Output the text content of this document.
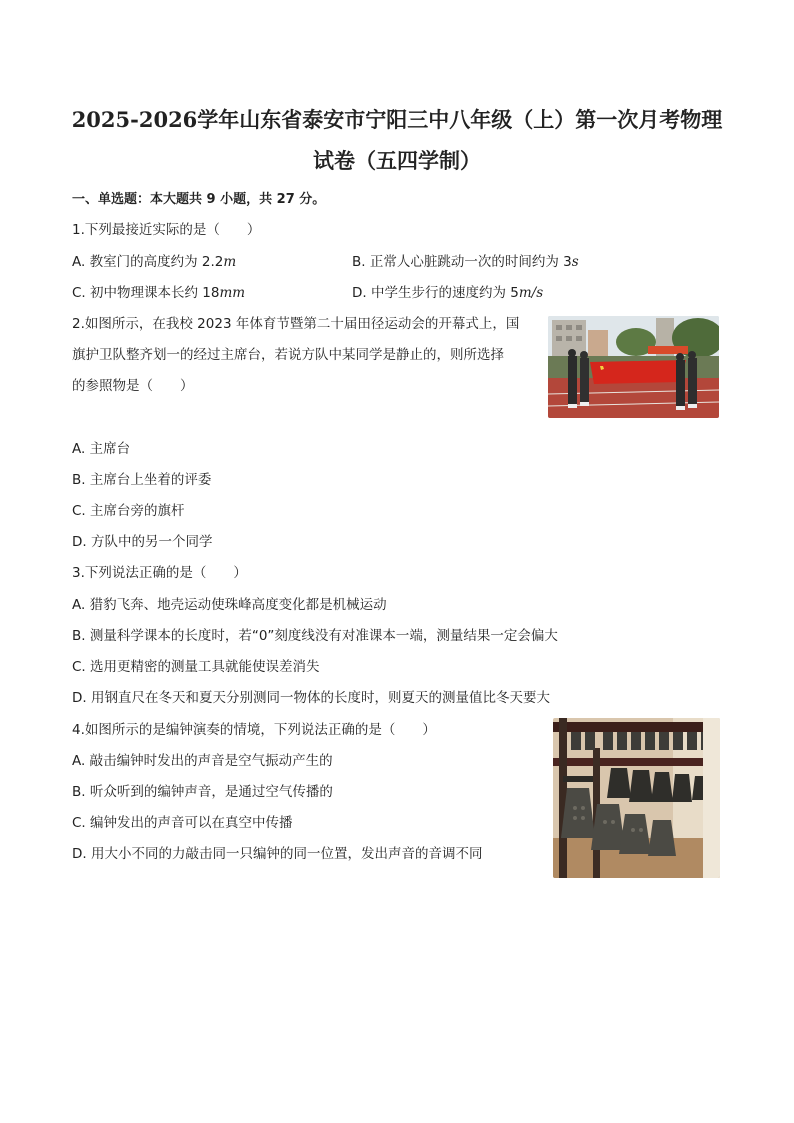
2025-2026学年山东省泰安市宁阳三中八年级（上）第一次月考物理
试卷（五四学制）
一、单选题：本大题共 9 小题，共 27 分。
1.下列最接近实际的是（　　）
A. 教室门的高度约为 2.2m	B. 正常人心脏跳动一次的时间约为 3s
C. 初中物理课本长约 18mm	D. 中学生步行的速度约为 5m/s
2.如图所示，在我校 2023 年体育节暨第二十届田径运动会的开幕式上，国
旗护卫队整齐划一的经过主席台，若说方队中某同学是静止的，则所选择
的参照物是（　　）
A. 主席台
B. 主席台上坐着的评委
C. 主席台旁的旗杆
D. 方队中的另一个同学
3.下列说法正确的是（　　）
A. 猎豹飞奔、地壳运动使珠峰高度变化都是机械运动
B. 测量科学课本的长度时，若“0”刻度线没有对准课本一端，测量结果一定会偏大
C. 选用更精密的测量工具就能使误差消失
D. 用钢直尺在冬天和夏天分别测同一物体的长度时，则夏天的测量值比冬天要大
4.如图所示的是编钟演奏的情境，下列说法正确的是（　　）
A. 敲击编钟时发出的声音是空气振动产生的
B. 听众听到的编钟声音，是通过空气传播的
C. 编钟发出的声音可以在真空中传播
D. 用大小不同的力敲击同一只编钟的同一位置，发出声音的音调不同
